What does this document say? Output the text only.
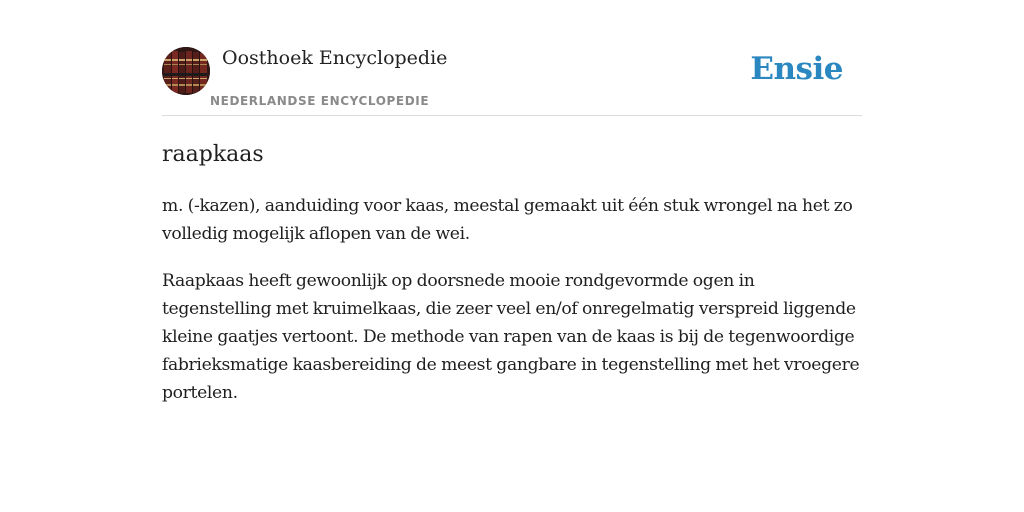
Oosthoek Encyclopedie
NEDERLANDSE ENCYCLOPEDIE
Ensie
raapkaas

m. (-kazen), aanduiding voor kaas, meestal gemaakt uit één stuk wrongel na het zo volledig mogelijk aflopen van de wei.

Raapkaas heeft gewoonlijk op doorsnede mooie rondgevormde ogen in tegenstelling met kruimelkaas, die zeer veel en/of onregelmatig verspreid liggende kleine gaatjes vertoont. De methode van rapen van de kaas is bij de tegenwoordige fabrieksmatige kaasbereiding de meest gangbare in tegenstelling met het vroegere portelen.
